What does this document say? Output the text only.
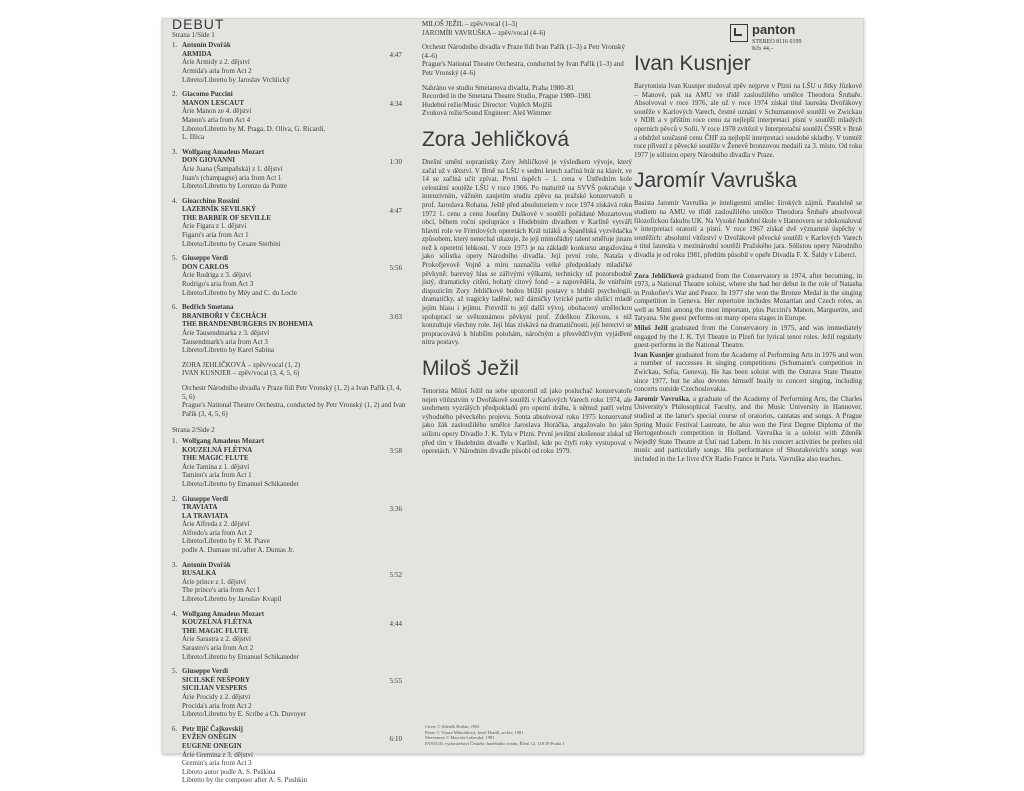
DEBUT
Strana 1/Side 1
1. Antonín Dvořák
ARMIDA
Árie Armidy z 2. dějství
Armida's aria from Act 2
Libreto/Libretto by Jaroslav Vrchlický
4:47
2. Giacomo Puccini
MANON LESCAUT
Árie Manon ze 4. dějství
Manon's aria from Act 4
Libreto/Libretto by M. Praga, D. Oliva, G. Ricardi,
L. Illica
4:34
3. Wolfgang Amadeus Mozart
DON GIOVANNI
Árie Juana (Šampaňská) z 1. dějství
Juan's (champagne) aria from Act 1
Libreto/Libretto by Lorenzo da Ponte
1:30
4. Gioacchino Rossini
LAZEBNÍK SEVILSKÝ
THE BARBER OF SEVILLE
Árie Figara z 1. dějství
Figaro's aria from Act 1
Libreto/Libretto by Cesare Sterbini
4:47
5. Giuseppe Verdi
DON CARLOS
Árie Rodriga z 3. dějství
Rodrigo's aria from Act 3
Libreto/Libretto by Méy and C. du Locle
5:56
6. Bedřich Smetana
BRANIBOŘI V ČECHÁCH
THE BRANDENBURGERS IN BOHEMIA
Árie Tausendmarka z 3. dějství
Tausendmark's aria from Act 3
Libreto/Libretto by Karel Sabina
3:03
ZORA JEHLIČKOVÁ – zpěv/vocal (1, 2)
IVAN KUSNJER – zpěv/vocal (3, 4, 5, 6)
Orchestr Národního divadla v Praze řídí Petr Vronský (1, 2) a Ivan Pařík (3, 4, 5, 6)
Prague's National Theatre Orchestra, conducted by Petr Vronský (1, 2) and Ivan Pařík (3, 4, 5, 6)
Strana 2/Side 2
1. Wolfgang Amadeus Mozart
KOUZELNÁ FLÉTNA
THE MAGIC FLUTE
Árie Tamina z 1. dějství
Tamino's aria from Act 1
Libreto/Libretto by Emanuel Schikaneder
3:58
2. Giuseppe Verdi
TRAVIATA
LA TRAVIATA
Árie Alfreda z 2. dějství
Alfredo's aria from Act 2
Libreto/Libretto by F. M. Piave
podle A. Dumase ml./after A. Dumas Jr.
3:36
3. Antonín Dvořák
RUSALKA
Árie prince z 1. dějství
The prince's aria from Act 1
Libreto/Libretto by Jaroslav Kvapil
5:52
4. Wolfgang Amadeus Mozart
KOUZELNÁ FLÉTNA
THE MAGIC FLUTE
Árie Sarastra z 2. dějství
Sarastro's aria from Act 2
Libreto/Libretto by Emanuel Schikaneder
4:44
5. Giuseppe Verdi
SICILSKÉ NEŠPORY
SICILIAN VESPERS
Árie Procidy z 2. dějství
Procida's aria from Act 2
Libreto/Libretto by E. Scribe a Ch. Duvoyer
5:55
6. Petr Iljič Čajkovskij
EVŽEN ONĚGIN
EUGENE ONEGIN
Árie Gremina z 3. dějství
Gremin's aria from Act 3
Libreto autor podle A. S. Puškina
Libretto by the composer after A. S. Pushkin
6:10
MILOŠ JEŽIL – zpěv/vocal (1–3)
JAROMÍR VAVRUŠKA – zpěv/vocal (4–6)
Orchestr Národního divadla v Praze řídí Ivan Pařík (1–3) a Petr Vronský (4–6)
Prague's National Theatre Orchestra, conducted by Ivan Pařík (1–3) and Petr Vronský (4–6)
Nahráno ve studiu Smetanova divadla, Praha 1980–81
Recorded in the Smetana Theatre Studio, Prague 1980–1981
Hudební režie/Music Director: Vojtěch Mojžíš
Zvuková režie/Sound Engineer: Aleš Wimmer
Zora Jehličková
Dnešní umění sopranistky Zory Jehličkové je výsledkem vývoje, který začal už v dětství. V Brně na LŠU v sedmi letech začíná hrát na klavír, ve 14 se začíná učit zpívat. První úspěch – 1. cena v Ústředním kole celostátní soutěže LŠU v roce 1966. Po maturitě na SVVŠ pokračuje v intenzivním, vážném zaujetím studiu zpěvu na pražské konzervatoři u prof. Jaroslava Rohana. Ještě před absolutoriem v roce 1974 získává roku 1972 1. cenu a cenu Josefiny Duškové v soutěži pořádané Mozartovou obcí, během roční spolupráce s Hudebním divadlem v Karlíně vytváří hlavní role ve Frimlových operetách Král tuláků a Španělská vyzvědačka způsobem, který nenechal ukazuje, že její mimořádný talent směřuje jinam než k operetní lehkosti. V roce 1973 je na základě konkursu angažována jako sólistka opery Národního divadla. Její první role, Nataša v Prokofjevově Vojně a míru naznačila velké předpoklady mladičké pěvkyně: barevný hlas se zářivými výškami, technicky už pozoruhodně jistý, dramaticky cítění, bohatý citový fond – a napověděla, že vnitřním dispozicím Zory Jehličkové budou bližší postavy s hlubší psychologií, dramatičky, až tragicky laděné, než dámičky lyrické partie slušící mladé jejím hlasu i jejímu. Potvrdil to její další vývoj, obohacený uměleckou spoluprací se světoznámou pěvkyní prof. Zdeňkou Zikovou, s níž konzultuje všechny role. Její hlas získává na dramatičnosti, její herectví se propracovává k hlubším polohám, náročným a přesvědčivým vyjádření nitra postavy.
Miloš Ježil
Tenorista Miloš Ježil na sebe upozornil už jako posluchač konzervatoře nejen vítězstvím v Dvořákově soutěži v Karlových Varech roku 1974, ale souhrnem vyzrálých předpokladů pro operní dráhu, k němuž patří velmi výhodného pěveckého projevu. Sonta absolvoval roku 1975 konzervatoř jako žák zasloužilého umělce Jaroslava Horáčka, angažovalo ho jako sólistu opery Divadlo J. K. Tyla v Plzni. První jevištní zkušenost získal už před tím v Hudebním divadle v Karlíně, kde po čtyři roky vystupoval v operetách. V Národním divadle působí od roku 1979.
Cover © Zdeněk Hollan, 1981
Photo © Vlasta Mikulášová, Josef Hradil, archiv, 1981
Sleevenote © Marcela Lašovská, 1981
PANTON, vydavatelství Českého hudebního fondu, Říční 12, 118 39 Praha 1
panton
STEREO 8116 0199
Kčs 44,–
Ivan Kusnjer
Barytonista Ivan Kusnjer studoval zpěv nejprve v Plzni na LŠU u Jitky Jůzkové – Manové, pak na AMU ve třídě zasloužilého umělce Theodora Šrubaře. Absolvoval v roce 1976, ale už v roce 1974 získal titul laureáta Dvořákovy soutěže v Karlových Varech, čestné uznání v Schumannově soutěži ve Zwickau v NDR a v příštím roce cenu za nejlepší interpretaci písní v soutěži mladých operních pěvců v Sofii. V roce 1978 zvítězil v Interpretační soutěži ČSSR v Brně a obdržel současně cenu ČHF za nejlepší interpretaci soudobé skladby. V tomtéž roce přivezl z pěvecké soutěže v Ženevě bronzovou medaili za 3. místo. Od roku 1977 je sólistou opery Národního divadla v Praze.
Jaromír Vavruška
Basista Jaromír Vavruška je inteligentní umělec širokých zájmů. Paralelně se studiem na AMU ve třídě zasloužilého umělce Theodora Šrubaře absolvoval filozofickou fakultu UK. Na Vysoké hudební škole v Hannoveru se zdokonaloval v interpretaci oratorií a písní. V roce 1967 získal dvě významné úspěchy v soutěžích: absolutní vítězství v Dvořákově pěvecké soutěži v Karlových Varech a titul laureáta v mezinárodní soutěži Pražského jara. Sólistou opery Národního divadla je od roku 1981, předtím působil v opeře Divadla F. X. Šaldy v Liberci.
Zora Jehličková graduated from the Conservatory in 1974, after becoming, in 1973, a National Theatre soloist, where she had her debut in the role of Natasha in Prokofiev's War and Peace. In 1977 she won the Bronze Medal in the singing competition in Geneva. Her repertoire includes Mozartian and Czech roles, as well as Mimi among the most important, plus Puccini's Manon, Marguerite, and Tatyana. She guest performs on many opera stages in Europe.
Miloš Ježil graduated from the Conservatory in 1975, and was immediately engaged by the J. K. Tyl Theatre in Plzeň for lyrical tenor roles. Ježil regularly guest-performs in the National Theatre.
Ivan Kusnjer graduated from the Academy of Performing Arts in 1976 and won a number of successes in singing competitions (Schumann's competition in Zwickau, Sofia, Geneva). He has been soloist with the Ostrava State Theatre since 1977, but he also devotes himself busily to concert singing, including concerts outside Czechoslovakia.
Jaromír Vavruška, a graduate of the Academy of Performing Arts, the Charles University's Philosophical Faculty, and the Music University in Hannover, studied at the latter's special course of oratorios, cantatas and songs. A Prague Spring Music Festival Laureate, he also won the First Degree Diploma of the Hertogenbosch competition in Holland. Vavruška is a soloist with Zdeněk Nejedlý State Theatre at Ústí nad Labem. In his concert activities he prefers old music and particularly songs. His performance of Shostakovich's songs was included in the Le livre d'Or Radio France in Paris. Vavruška also teaches.
